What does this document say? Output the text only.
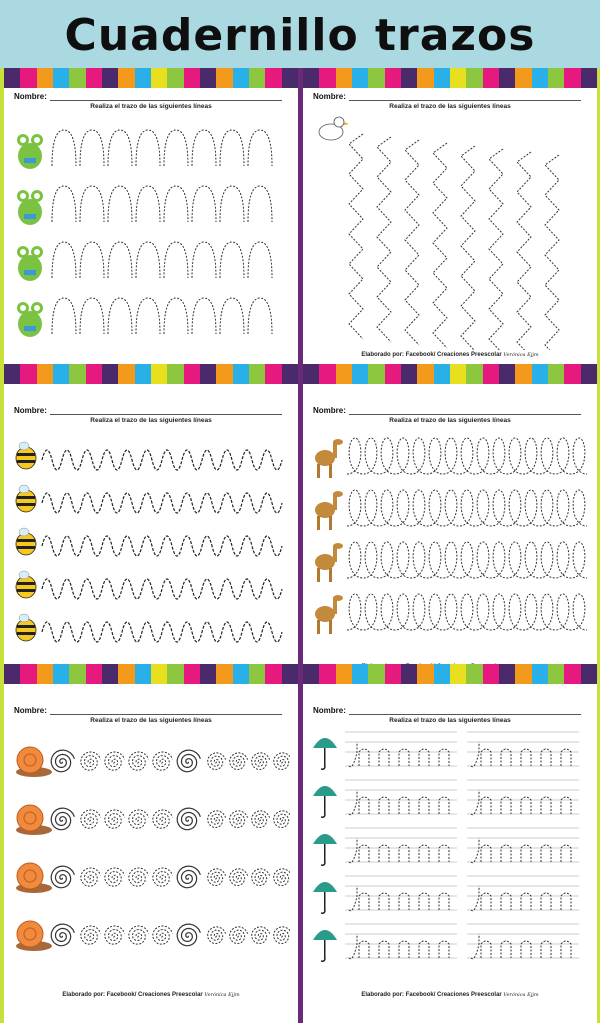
Cuadernillo trazos
Nombre:
Realiza el trazo de las siguientes líneas
Nombre:
Realiza el trazo de las siguientes líneas
Elaborado por: Facebook/ Creaciones Preescolar Verónica Ejjm
Nombre:
Realiza el trazo de las siguientes líneas
Nombre:
Realiza el trazo de las siguientes líneas
Nombre:
Realiza el trazo de las siguientes líneas
Elaborado por: Facebook/ Creaciones Preescolar Verónica Ejjm
Nombre:
Realiza el trazo de las siguientes líneas
Elaborado por: Facebook/ Creaciones Preescolar Verónica Ejjm
